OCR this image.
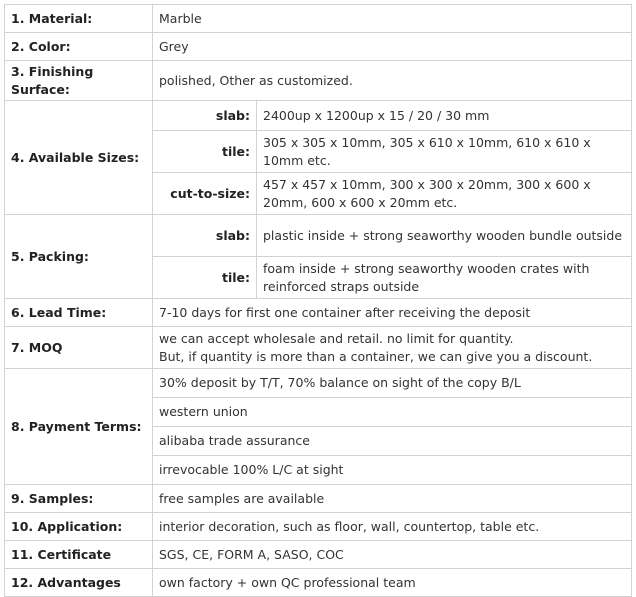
1. Material:	Marble	
2. Color:	Grey	
3. Finishing Surface:	polished, Other as customized.	
4. Available Sizes:	slab:	2400up x 1200up x 15 / 20 / 30 mm
	tile:	305 x 305 x 10mm, 305 x 610 x 10mm, 610 x 610 x 10mm etc.
	cut-to-size:	457 x 457 x 10mm, 300 x 300 x 20mm, 300 x 600 x 20mm, 600 x 600 x 20mm etc.
5. Packing:	slab:	plastic inside + strong seaworthy wooden bundle outside
	tile:	foam inside + strong seaworthy wooden crates with reinforced straps outside
6. Lead Time:	7-10 days for first one container after receiving the deposit	
7. MOQ	we can accept wholesale and retail. no limit for quantity.
But, if quantity is more than a container, we can give you a discount.	
8. Payment Terms:	30% deposit by T/T, 70% balance on sight of the copy B/L	
	western union	
	alibaba trade assurance	
	irrevocable 100% L/C at sight	
9. Samples:	free samples are available	
10. Application:	interior decoration, such as floor, wall, countertop, table etc.	
11. Certificate	SGS, CE, FORM A, SASO, COC	
12. Advantages	own factory + own QC professional team	
